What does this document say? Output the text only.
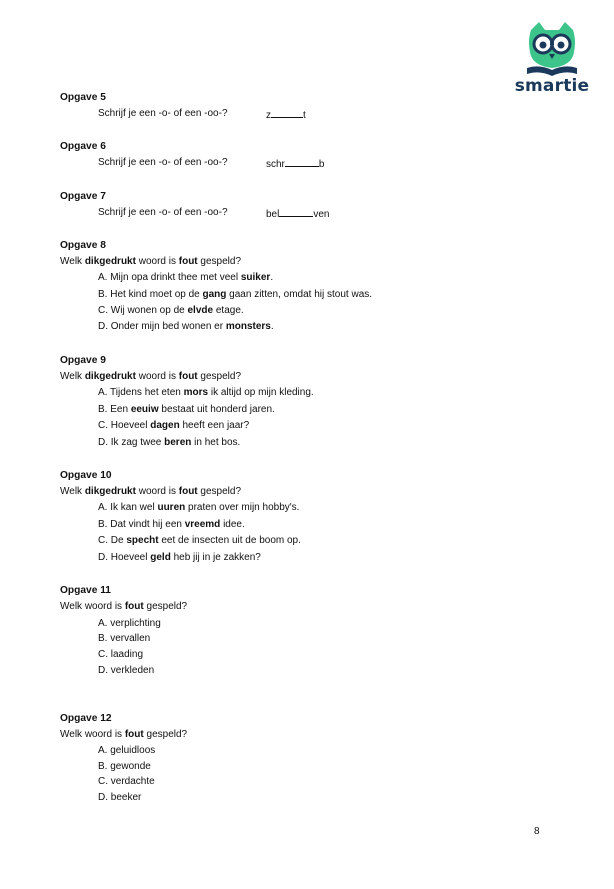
smartie
Opgave 5
Schrijf je een -o- of een -oo-?	z	t
Opgave 6
Schrijf je een -o- of een -oo-?	schr	b
Opgave 7
Schrijf je een -o- of een -oo-?	bel	ven
Opgave 8
Welk dikgedrukt woord is fout gespeld?
A. Mijn opa drinkt thee met veel suiker.
B. Het kind moet op de gang gaan zitten, omdat hij stout was.
C. Wij wonen op de elvde etage.
D. Onder mijn bed wonen er monsters.
Opgave 9
Welk dikgedrukt woord is fout gespeld?
A. Tijdens het eten mors ik altijd op mijn kleding.
B. Een eeuiw bestaat uit honderd jaren.
C. Hoeveel dagen heeft een jaar?
D. Ik zag twee beren in het bos.
Opgave 10
Welk dikgedrukt woord is fout gespeld?
A. Ik kan wel uuren praten over mijn hobby's.
B. Dat vindt hij een vreemd idee.
C. De specht eet de insecten uit de boom op.
D. Hoeveel geld heb jij in je zakken?
Opgave 11
Welk woord is fout gespeld?
A. verplichting
B. vervallen
C. laading
D. verkleden
Opgave 12
Welk woord is fout gespeld?
A. geluidloos
B. gewonde
C. verdachte
D. beeker
8
